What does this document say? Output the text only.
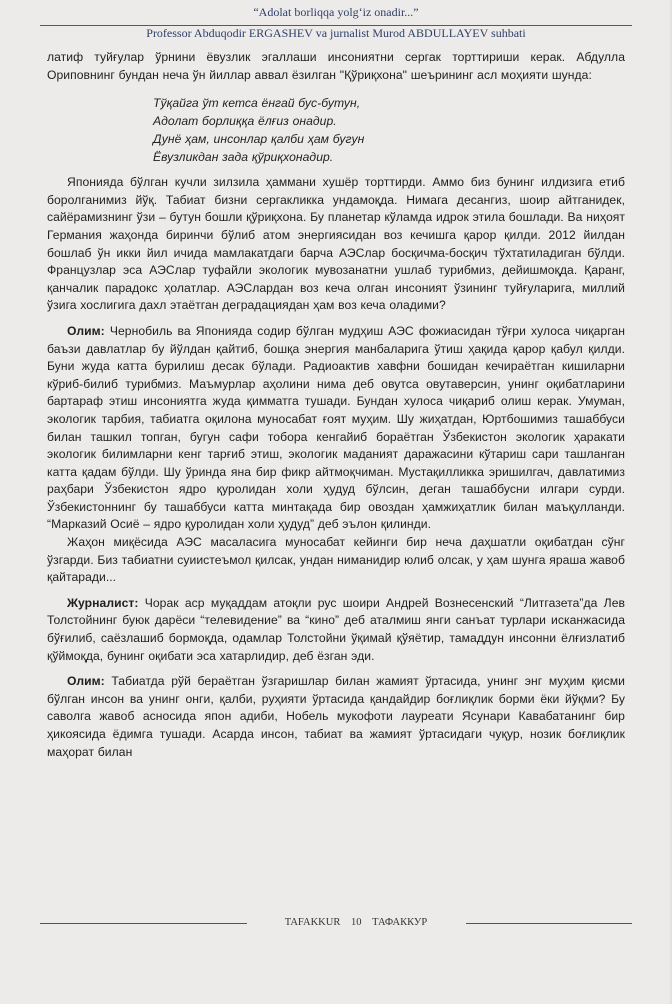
“Adolat borliqqa yolg‘iz onadir...”
Professor Abduqodir ERGASHEV va jurnalist Murod ABDULLAYEV suhbati

латиф туйғулар ўрнини ёвузлик эгаллаши инсониятни сергак торттириши керак. Абдулла Ориповнинг бундан неча ўн йиллар аввал ёзилган "Қўриқхона" шеърининг асл моҳияти шунда:

Тўқайга ўт кетса ёнгай бус-бутун,
Адолат борлиққа ёлғиз онадир.
Дунё ҳам, инсонлар қалби ҳам бугун
Ёвузликдан зада қўриқхонадир.

Японияда бўлган кучли зилзила ҳаммани хушёр торттирди. Аммо биз бунинг илдизига етиб боролганимиз йўқ. Табиат бизни сергакликка ундамоқда. Нимага десангиз, шоир айтганидек, сайёрамизнинг ўзи – бутун бошли қўриқхона. Бу планетар кўламда идрок этила бошлади. Ва ниҳоят Германия жаҳонда биринчи бўлиб атом энергиясидан воз кечишга қарор қилди. 2012 йилдан бошлаб ўн икки йил ичида мамлакатдаги барча АЭСлар босқичма-босқич тўхтатиладиган бўлди. Французлар эса АЭСлар туфайли экологик мувозанатни ушлаб турибмиз, дейишмоқда. Қаранг, қанчалик парадокс ҳолатлар. АЭСлардан воз кеча олган инсоният ўзининг туйғуларига, миллий ўзига хослигига дахл этаётган деградациядан ҳам воз кеча оладими?

Олим: Чернобиль ва Японияда содир бўлган мудҳиш АЭС фожиасидан тўғри хулоса чиқарган баъзи давлатлар бу йўлдан қайтиб, бошқа энергия манбаларига ўтиш ҳақида қарор қабул қилди. Буни жуда катта бурилиш десак бўлади. Радиоактив хавфни бошидан кечираётган кишиларни кўриб-билиб турибмиз. Маъмурлар аҳолини нима деб овутса овутаверсин, унинг оқибатларини бартараф этиш инсониятга жуда қимматга тушади. Бундан хулоса чиқариб олиш керак. Умуман, экологик тарбия, табиатга оқилона муносабат ғоят муҳим. Шу жиҳатдан, Юртбошимиз ташаббуси билан ташкил топган, бугун сафи тобора кенгайиб бораётган Ўзбекистон экологик ҳаракати экологик билимларни кенг тарғиб этиш, экологик маданият даражасини кўтариш сари ташланган катта қадам бўлди. Шу ўринда яна бир фикр айтмоқчиман. Мустақилликка эришилгач, давлатимиз раҳбари Ўзбекистон ядро қуролидан холи ҳудуд бўлсин, деган ташаббусни илгари сурди. Ўзбекистоннинг бу ташаббуси катта минтақада бир овоздан ҳамжиҳатлик билан маъқулланди. “Марказий Осиё – ядро қуролидан холи ҳудуд” деб эълон қилинди.

Жаҳон миқёсида АЭС масаласига муносабат кейинги бир неча даҳшатли оқибатдан сўнг ўзгарди. Биз табиатни суиистеъмол қилсак, ундан ниманидир юлиб олсак, у ҳам шунга яраша жавоб қайтаради...

Журналист: Чорак аср муқаддам атоқли рус шоири Андрей Вознесенский “Литгазета”да Лев Толстойнинг буюк дарёси “телевидение” ва “кино” деб аталмиш янги санъат турлари исканжасида бўғилиб, саёзлашиб бормоқда, одамлар Толстойни ўқимай қўяётир, тамаддун инсонни ёлғизлатиб қўймоқда, бунинг оқибати эса хатарлидир, деб ёзган эди.

Олим: Табиатда рўй бераётган ўзгаришлар билан жамият ўртасида, унинг энг муҳим қисми бўлган инсон ва унинг онги, қалби, руҳияти ўртасида қандайдир боғлиқлик борми ёки йўқми? Бу саволга жавоб асносида япон адиби, Нобель мукофоти лауреати Ясунари Кавабатанинг бир ҳикоясида ёдимга тушади. Асарда инсон, табиат ва жамият ўртасидаги чуқур, нозик боғлиқлик маҳорат билан

TAFAKKUR 10 ТАФАККУР
